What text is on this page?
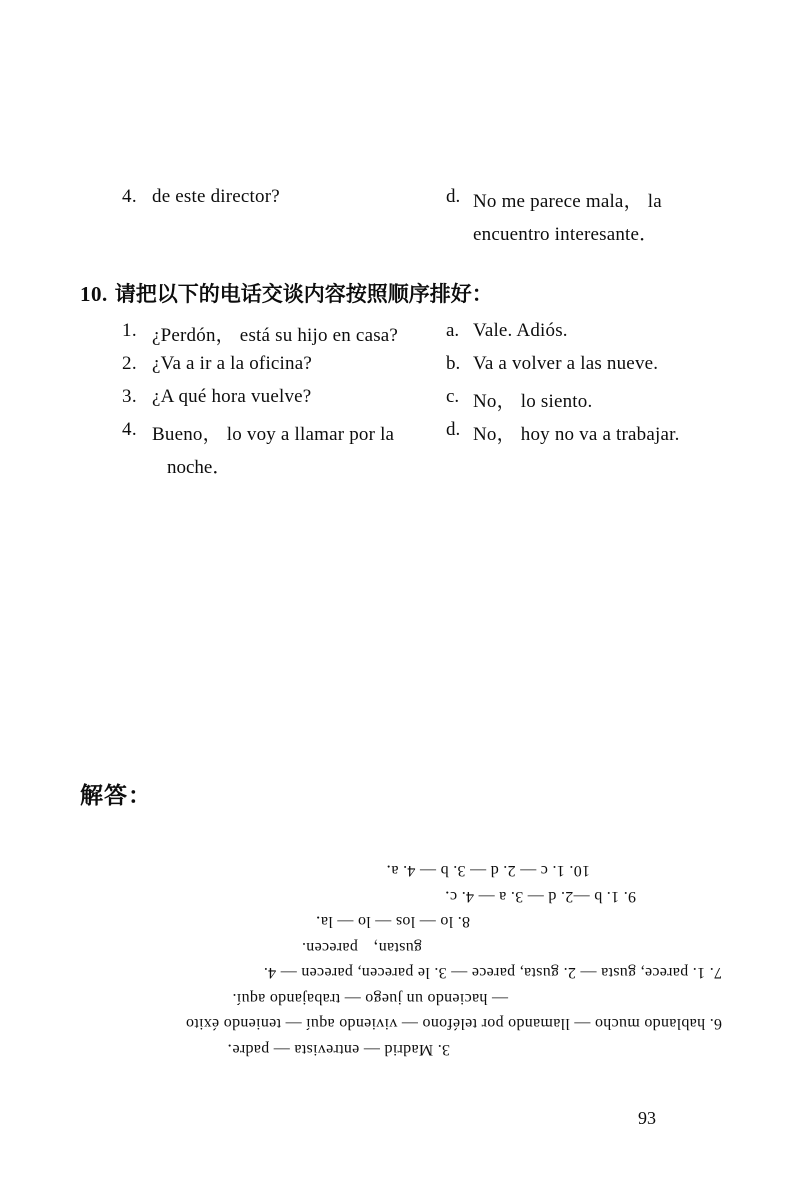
4. de este director?	d. No me parece mala， la
encuentro interesante．
10. 请把以下的电话交谈内容按照顺序排好：
1. ¿Perdón， está su hijo en casa?	a. Vale. Adiós.
2. ¿Va a ir a la oficina?	b. Va a volver a las nueve.
3. ¿A qué hora vuelve?	c. No， lo siento.
4. Bueno， lo voy a llamar por la	d. No， hoy no va a trabajar.
noche．
解答：
3. Madrid — entrevista — padre．
6. hablando mucho — llamando por teléfono — viviendo aquí — teniendo éxito
— haciendo un juego — trabajando aquí.
7. 1. parece, gusta — 2. gusta, parece — 3. le parecen, parecen — 4.
gustan， parecen.
8. lo — los — lo — la．
9. 1. b —2. d — 3. a — 4. c．
10. 1. c — 2. d — 3. b — 4. a．
93
